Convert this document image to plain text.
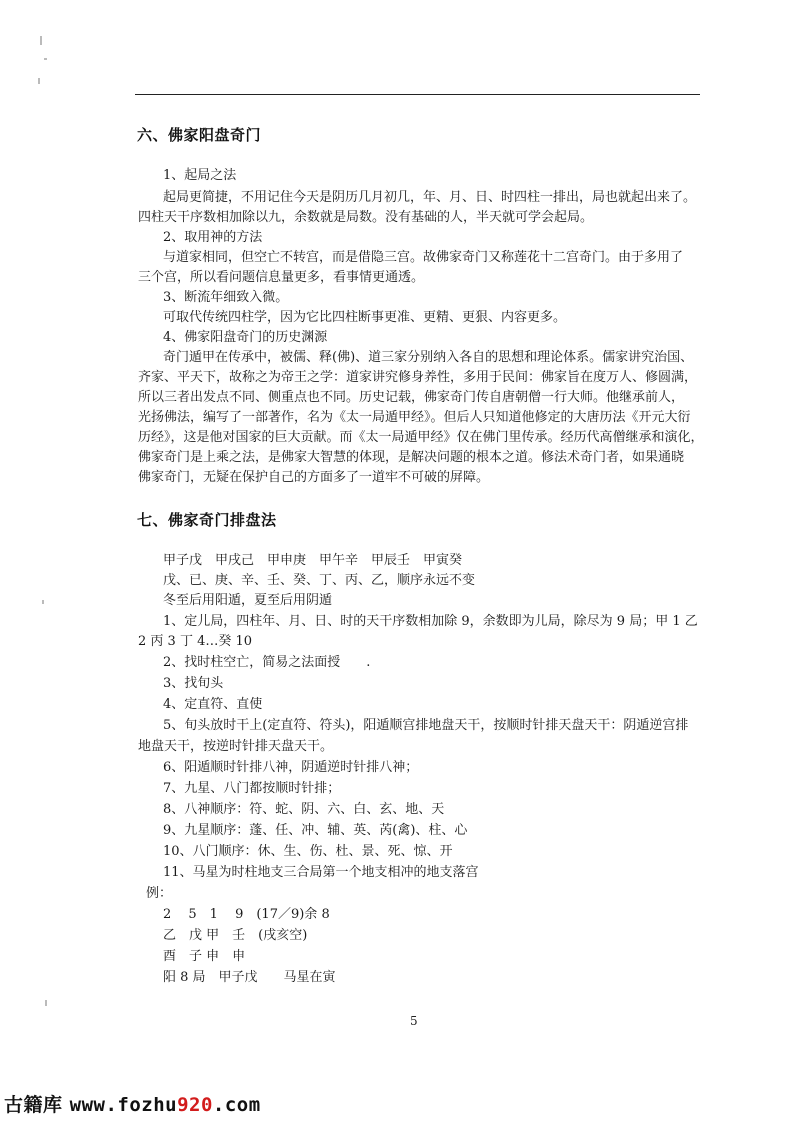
六、佛家阳盘奇门
1、起局之法
起局更简捷，不用记住今天是阴历几月初几，年、月、日、时四柱一排出，局也就起出来了。
四柱天干序数相加除以九，余数就是局数。没有基础的人，半天就可学会起局。
2、取用神的方法
与道家相同，但空亡不转宫，而是借隐三宫。故佛家奇门又称莲花十二宫奇门。由于多用了
三个宫，所以看问题信息量更多，看事情更通透。
3、断流年细致入微。
可取代传统四柱学，因为它比四柱断事更准、更精、更狠、内容更多。
4、佛家阳盘奇门的历史渊源
奇门遁甲在传承中，被儒、释(佛)、道三家分别纳入各自的思想和理论体系。儒家讲究治国、
齐家、平天下，故称之为帝王之学：道家讲究修身养性，多用于民间：佛家旨在度万人、修圆满，
所以三者出发点不同、侧重点也不同。历史记载，佛家奇门传自唐朝僧一行大师。他继承前人，
光扬佛法，编写了一部著作，名为《太一局遁甲经》。但后人只知道他修定的大唐历法《开元大衍
历经》，这是他对国家的巨大贡献。而《太一局遁甲经》仅在佛门里传承。经历代高僧继承和演化，
佛家奇门是上乘之法，是佛家大智慧的体现，是解决问题的根本之道。修法术奇门者，如果通晓
佛家奇门，无疑在保护自己的方面多了一道牢不可破的屏障。
七、佛家奇门排盘法
甲子戊　甲戌己　甲申庚　甲午辛　甲辰壬　甲寅癸
戊、已、庚、辛、壬、癸、丁、丙、乙，顺序永远不变
冬至后用阳遁，夏至后用阴遁
1、定儿局，四柱年、月、日、时的天干序数相加除 9，余数即为儿局，除尽为 9 局；甲 1 乙
2 丙 3 丁 4…癸 10
2、找时柱空亡，简易之法面授　　.
3、找旬头
4、定直符、直使
5、旬头放时干上(定直符、符头)，阳遁顺宫排地盘天干，按顺时针排天盘天干：阴遁逆宫排
地盘天干，按逆时针排天盘天干。
6、阳遁顺时针排八神，阴遁逆时针排八神；
7、九星、八门都按顺时针排；
8、八神顺序：符、蛇、阴、六、白、玄、地、天
9、九星顺序：蓬、任、冲、辅、英、芮(禽)、柱、心
10、八门顺序：休、生、伤、杜、景、死、惊、开
11、马星为时柱地支三合局第一个地支相冲的地支落宫
例：
2　 5　1　 9　(17／9)余 8
乙　戊 甲　壬　(戌亥空)
酉　子 申　申
阳 8 局　甲子戊　　马星在寅
5
古籍库 www.fozhu920.com
